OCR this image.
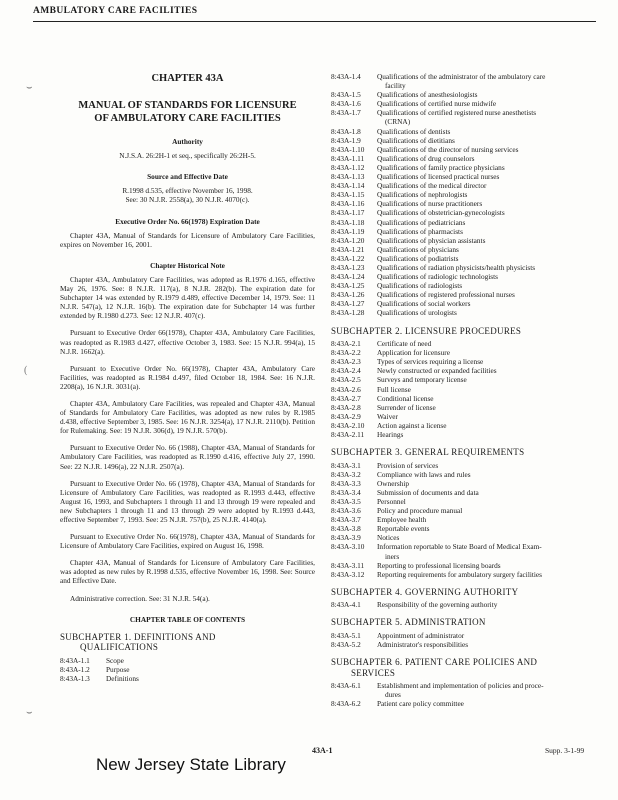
AMBULATORY CARE FACILITIES
⌣
(
⌣
CHAPTER 43A
MANUAL OF STANDARDS FOR LICENSURE
OF AMBULATORY CARE FACILITIES
Authority
N.J.S.A. 26:2H-1 et seq., specifically 26:2H-5.
Source and Effective Date
R.1998 d.535, effective November 16, 1998.
See: 30 N.J.R. 2558(a), 30 N.J.R. 4070(c).
Executive Order No. 66(1978) Expiration Date
Chapter 43A, Manual of Standards for Licensure of Ambulatory Care Facilities, expires on November 16, 2001.
Chapter Historical Note
Chapter 43A, Ambulatory Care Facilities, was adopted as R.1976 d.165, effective May 26, 1976. See: 8 N.J.R. 117(a), 8 N.J.R. 282(b). The expiration date for Subchapter 14 was extended by R.1979 d.489, effective December 14, 1979. See: 11 N.J.R. 547(a), 12 N.J.R. 16(b). The expiration date for Subchapter 14 was further extended by R.1980 d.273. See: 12 N.J.R. 407(c).
Pursuant to Executive Order 66(1978), Chapter 43A, Ambulatory Care Facilities, was readopted as R.1983 d.427, effective October 3, 1983. See: 15 N.J.R. 994(a), 15 N.J.R. 1662(a).
Pursuant to Executive Order No. 66(1978), Chapter 43A, Ambulatory Care Facilities, was readopted as R.1984 d.497, filed October 18, 1984. See: 16 N.J.R. 2208(a), 16 N.J.R. 3031(a).
Chapter 43A, Ambulatory Care Facilities, was repealed and Chapter 43A, Manual of Standards for Ambulatory Care Facilities, was adopted as new rules by R.1985 d.438, effective September 3, 1985. See: 16 N.J.R. 3254(a), 17 N.J.R. 2110(b). Petition for Rulemaking. See: 19 N.J.R. 306(d), 19 N.J.R. 570(b).
Pursuant to Executive Order No. 66 (1988), Chapter 43A, Manual of Standards for Ambulatory Care Facilities, was readopted as R.1990 d.416, effective July 27, 1990. See: 22 N.J.R. 1496(a), 22 N.J.R. 2507(a).
Pursuant to Executive Order No. 66 (1978), Chapter 43A, Manual of Standards for Licensure of Ambulatory Care Facilities, was readopted as R.1993 d.443, effective August 16, 1993, and Subchapters 1 through 11 and 13 through 19 were repealed and new Subchapters 1 through 11 and 13 through 29 were adopted by R.1993 d.443, effective September 7, 1993. See: 25 N.J.R. 757(b), 25 N.J.R. 4140(a).
Pursuant to Executive Order No. 66(1978), Chapter 43A, Manual of Standards for Licensure of Ambulatory Care Facilities, expired on August 16, 1998.
Chapter 43A, Manual of Standards for Licensure of Ambulatory Care Facilities, was adopted as new rules by R.1998 d.535, effective November 16, 1998. See: Source and Effective Date.
Administrative correction. See: 31 N.J.R. 54(a).
CHAPTER TABLE OF CONTENTS
SUBCHAPTER 1. DEFINITIONS AND
QUALIFICATIONS
8:43A-1.1	Scope
8:43A-1.2	Purpose
8:43A-1.3	Definitions
8:43A-1.4	Qualifications of the administrator of the ambulatory care
facility
8:43A-1.5	Qualifications of anesthesiologists
8:43A-1.6	Qualifications of certified nurse midwife
8:43A-1.7	Qualifications of certified registered nurse anesthetists
(CRNA)
8:43A-1.8	Qualifications of dentists
8:43A-1.9	Qualifications of dietitians
8:43A-1.10	Qualifications of the director of nursing services
8:43A-1.11	Qualifications of drug counselors
8:43A-1.12	Qualifications of family practice physicians
8:43A-1.13	Qualifications of licensed practical nurses
8:43A-1.14	Qualifications of the medical director
8:43A-1.15	Qualifications of nephrologists
8:43A-1.16	Qualifications of nurse practitioners
8:43A-1.17	Qualifications of obstetrician-gynecologists
8:43A-1.18	Qualifications of pediatricians
8:43A-1.19	Qualifications of pharmacists
8:43A-1.20	Qualifications of physician assistants
8:43A-1.21	Qualifications of physicians
8:43A-1.22	Qualifications of podiatrists
8:43A-1.23	Qualifications of radiation physicists/health physicists
8:43A-1.24	Qualifications of radiologic technologists
8:43A-1.25	Qualifications of radiologists
8:43A-1.26	Qualifications of registered professional nurses
8:43A-1.27	Qualifications of social workers
8:43A-1.28	Qualifications of urologists
SUBCHAPTER 2. LICENSURE PROCEDURES
8:43A-2.1	Certificate of need
8:43A-2.2	Application for licensure
8:43A-2.3	Types of services requiring a license
8:43A-2.4	Newly constructed or expanded facilities
8:43A-2.5	Surveys and temporary license
8:43A-2.6	Full license
8:43A-2.7	Conditional license
8:43A-2.8	Surrender of license
8:43A-2.9	Waiver
8:43A-2.10	Action against a license
8:43A-2.11	Hearings
SUBCHAPTER 3. GENERAL REQUIREMENTS
8:43A-3.1	Provision of services
8:43A-3.2	Compliance with laws and rules
8:43A-3.3	Ownership
8:43A-3.4	Submission of documents and data
8:43A-3.5	Personnel
8:43A-3.6	Policy and procedure manual
8:43A-3.7	Employee health
8:43A-3.8	Reportable events
8:43A-3.9	Notices
8:43A-3.10	Information reportable to State Board of Medical Exam-
iners
8:43A-3.11	Reporting to professional licensing boards
8:43A-3.12	Reporting requirements for ambulatory surgery facilities
SUBCHAPTER 4. GOVERNING AUTHORITY
8:43A-4.1	Responsibility of the governing authority
SUBCHAPTER 5. ADMINISTRATION
8:43A-5.1	Appointment of administrator
8:43A-5.2	Administrator's responsibilities
SUBCHAPTER 6. PATIENT CARE POLICIES AND
SERVICES
8:43A-6.1	Establishment and implementation of policies and proce-
dures
8:43A-6.2	Patient care policy committee
43A-1	Supp. 3-1-99
New Jersey State Library
